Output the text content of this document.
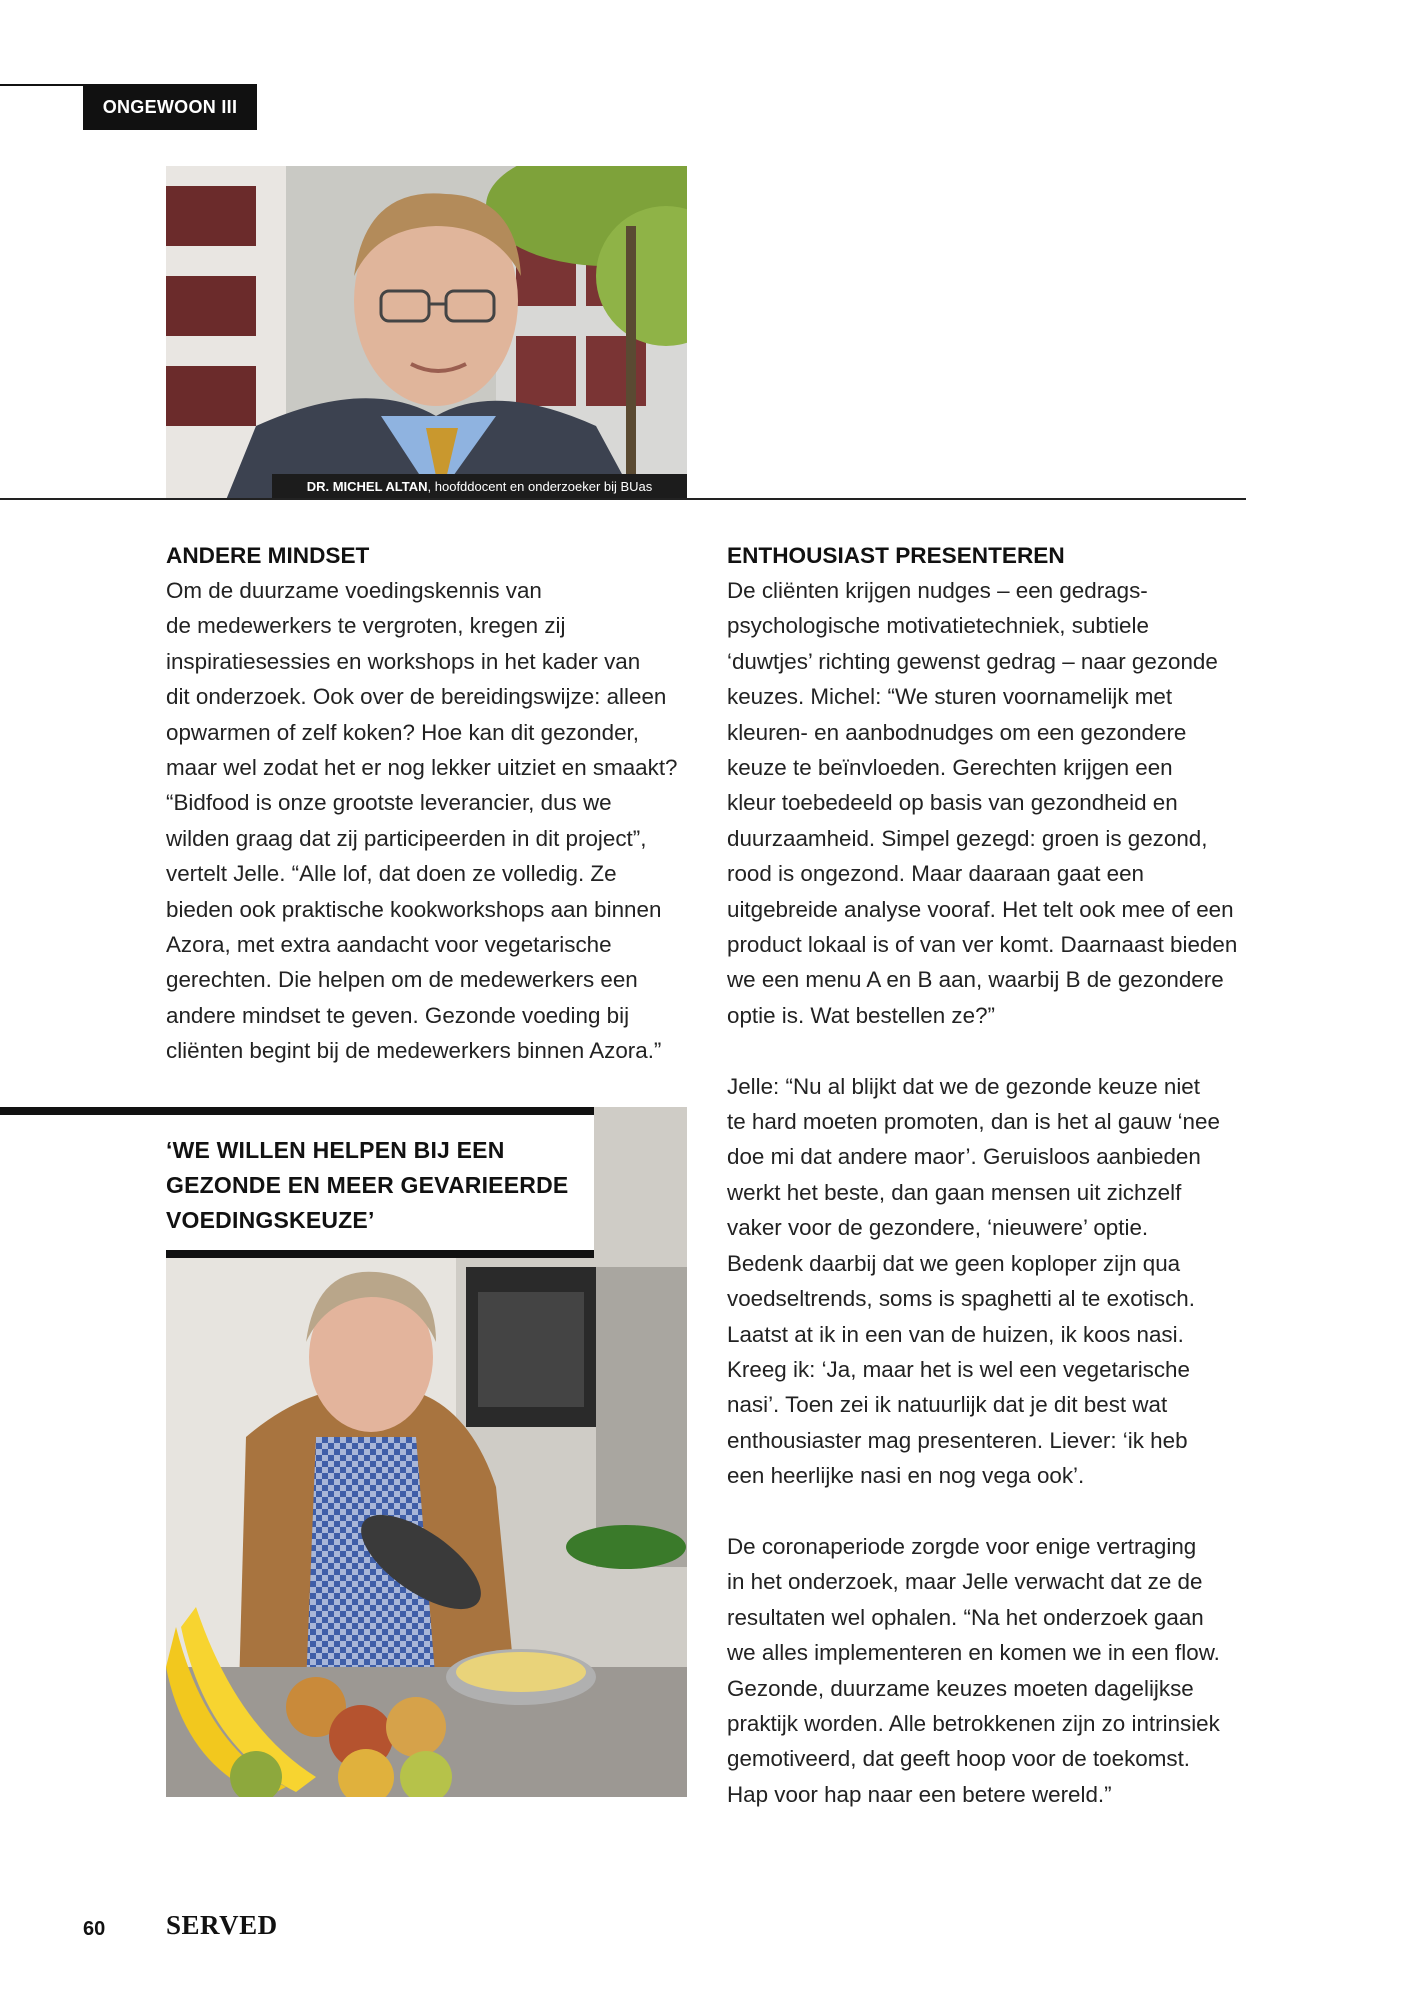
ONGEWOON III
DR. MICHEL ALTAN, hoofddocent en onderzoeker bij BUas
ANDERE MINDSET

Om de duurzame voedingskennis van

de medewerkers te vergroten, kregen zij

inspiratiesessies en workshops in het kader van

dit onderzoek. Ook over de bereidingswijze: alleen

opwarmen of zelf koken? Hoe kan dit gezonder,

maar wel zodat het er nog lekker uitziet en smaakt?

“Bidfood is onze grootste leverancier, dus we

wilden graag dat zij participeerden in dit project”,

vertelt Jelle. “Alle lof, dat doen ze volledig. Ze

bieden ook praktische kookworkshops aan binnen

Azora, met extra aandacht voor vegetarische

gerechten. Die helpen om de medewerkers een

andere mindset te geven. Gezonde voeding bij

cliënten begint bij de medewerkers binnen Azora.”

‘WE WILLEN HELPEN BIJ EEN
GEZONDE EN MEER GEVARIEERDE
VOEDINGSKEUZE’
ENTHOUSIAST PRESENTEREN

De cliënten krijgen nudges – een gedrags-

psychologische motivatietechniek, subtiele

‘duwtjes’ richting gewenst gedrag – naar gezonde

keuzes. Michel: “We sturen voornamelijk met

kleuren- en aanbodnudges om een gezondere

keuze te beïnvloeden. Gerechten krijgen een

kleur toebedeeld op basis van gezondheid en

duurzaamheid. Simpel gezegd: groen is gezond,

rood is ongezond. Maar daaraan gaat een

uitgebreide analyse vooraf. Het telt ook mee of een

product lokaal is of van ver komt. Daarnaast bieden

we een menu A en B aan, waarbij B de gezondere

optie is. Wat bestellen ze?”

Jelle: “Nu al blijkt dat we de gezonde keuze niet

te hard moeten promoten, dan is het al gauw ‘nee

doe mi dat andere maor’. Geruisloos aanbieden

werkt het beste, dan gaan mensen uit zichzelf

vaker voor de gezondere, ‘nieuwere’ optie.

Bedenk daarbij dat we geen koploper zijn qua

voedseltrends, soms is spaghetti al te exotisch.

Laatst at ik in een van de huizen, ik koos nasi.

Kreeg ik: ‘Ja, maar het is wel een vegetarische

nasi’. Toen zei ik natuurlijk dat je dit best wat

enthousiaster mag presenteren. Liever: ‘ik heb

een heerlijke nasi en nog vega ook’.

De coronaperiode zorgde voor enige vertraging

in het onderzoek, maar Jelle verwacht dat ze de

resultaten wel ophalen. “Na het onderzoek gaan

we alles implementeren en komen we in een flow.

Gezonde, duurzame keuzes moeten dagelijkse

praktijk worden. Alle betrokkenen zijn zo intrinsiek

gemotiveerd, dat geeft hoop voor de toekomst.

Hap voor hap naar een betere wereld.”

60 SERVED
